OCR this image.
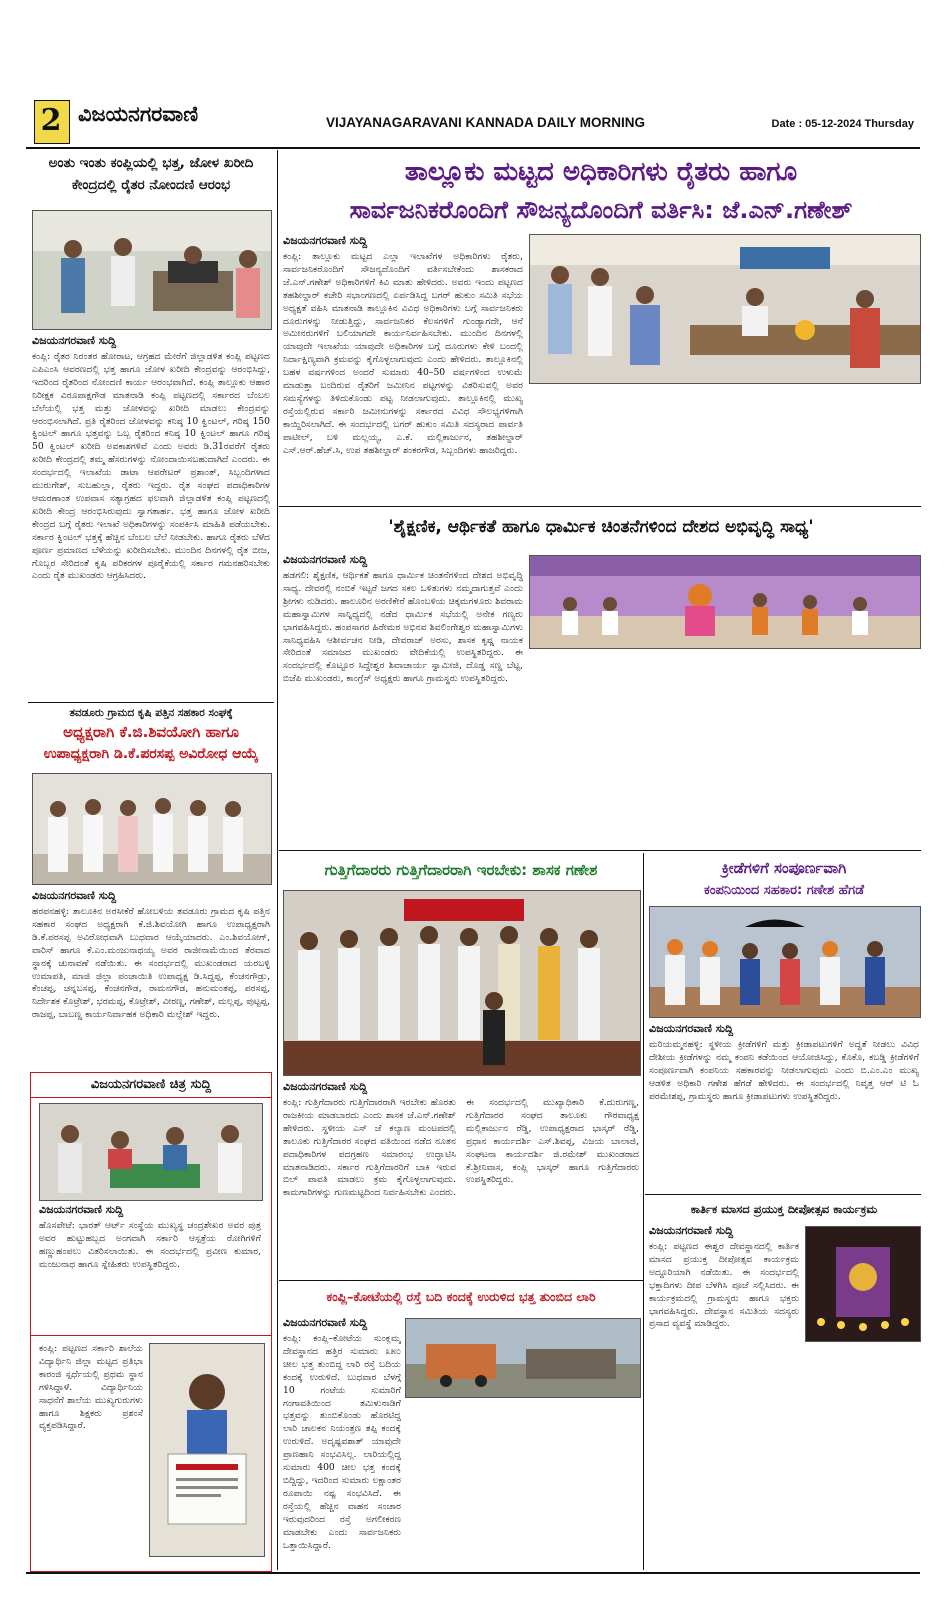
2 ವಿಜಯನಗರವಾಣಿ	VIJAYANAGARAVANI KANNADA DAILY MORNING	Date : 05-12-2024 Thursday
ಅಂತು ಇಂತು ಕಂಪ್ಲಿಯಲ್ಲಿ ಭತ್ತ, ಜೋಳ ಖರೀದಿ ಕೇಂದ್ರದಲ್ಲಿ ರೈತರ ನೋಂದಣಿ ಆರಂಭ

ವಿಜಯನಗರವಾಣಿ ಸುದ್ದಿ

ಕಂಪ್ಲಿ: ರೈತರ ನಿರಂತರ ಹೋರಾಟ, ಆಗ್ರಹದ ಮೇರೆಗೆ ಜಿಲ್ಲಾಡಳಿತ ಕಂಪ್ಲಿ ಪಟ್ಟಣದ ಎಪಿಎಂಸಿ ಆವರಣದಲ್ಲಿ ಭತ್ತ ಹಾಗೂ ಜೋಳ ಖರೀದಿ ಕೇಂದ್ರವನ್ನು ಆರಂಭಿಸಿದ್ದು, ಇದರಿಂದ ರೈತರಿಂದ ನೋಂದಣಿ ಕಾರ್ಯ ಆರಂಭವಾಗಿದೆ. ಕಂಪ್ಲಿ ತಾಲ್ಲೂಕು ಆಹಾರ ನಿರೀಕ್ಷಕ ವಿರೂಪಾಕ್ಷಗೌಡ ಮಾತನಾಡಿ ಕಂಪ್ಲಿ ಪಟ್ಟಣದಲ್ಲಿ ಸರ್ಕಾರದ ಬೆಂಬಲ ಬೆಲೆಯಲ್ಲಿ ಭತ್ತ ಮತ್ತು ಜೋಳವನ್ನು ಖರೀದಿ ಮಾಡಲು ಕೇಂದ್ರವನ್ನು ಆರಂಭಿಸಲಾಗಿದೆ. ಪ್ರತಿ ರೈತರಿಂದ ಜೋಳವನ್ನು ಕನಿಷ್ಠ 10 ಕ್ವಿಂಟಲ್, ಗರಿಷ್ಠ 150 ಕ್ವಿಂಟಲ್ ಹಾಗೂ ಭತ್ತವನ್ನು ಒಬ್ಬ ರೈತರಿಂದ ಕನಿಷ್ಠ 10 ಕ್ವಿಂಟಲ್ ಹಾಗೂ ಗರಿಷ್ಠ 50 ಕ್ವಿಂಟಲ್ ಖರೀದಿ ಅವಕಾಶಗಳಿವೆ ಎಂದು ಅವರು ಡಿ.31ರವರೆಗೆ ರೈತರು ಖರೀದಿ ಕೇಂದ್ರದಲ್ಲಿ ತಮ್ಮ ಹೆಸರುಗಳನ್ನು ನೋಂದಾಯಿಸಬಹುದಾಗಿದೆ ಎಂದರು. ಈ ಸಂದರ್ಭದಲ್ಲಿ ಇಲಾಖೆಯ ಡಾಟಾ ಆಪರೇಟರ್ ಪ್ರಶಾಂತ್, ಸಿಬ್ಬಂದಿಗಳಾದ ಮುರುಗೇಶ್, ಸುಬಹುಲ್ಲಾ, ರೈತರು ಇದ್ದರು. ರೈತ ಸಂಘದ ಪದಾಧಿಕಾರಿಗಳ ಆಮರಣಾಂತ ಉಪವಾಸ ಸತ್ಯಾಗ್ರಹದ ಫಲವಾಗಿ ಜಿಲ್ಲಾಡಳಿತ ಕಂಪ್ಲಿ ಪಟ್ಟಣದಲ್ಲಿ ಖರೀದಿ ಕೇಂದ್ರ ಆರಂಭಿಸಿರುವುದು ಸ್ವಾಗತಾರ್ಹ. ಭತ್ತ ಹಾಗೂ ಜೋಳ ಖರೀದಿ ಕೇಂದ್ರದ ಬಗ್ಗೆ ರೈತರು ಇಲಾಖೆ ಅಧಿಕಾರಿಗಳನ್ನು ಸಂಪರ್ಕಿಸಿ ಮಾಹಿತಿ ಪಡೆಯಬೇಕು. ಸರ್ಕಾರ ಕ್ವಿಂಟಲ್ ಭತ್ತಕ್ಕೆ ಹೆಚ್ಚಿನ ಬೆಂಬಲ ಬೆಲೆ ನೀಡಬೇಕು. ಹಾಗೂ ರೈತರು ಬೆಳೆದ ಪೂರ್ಣ ಪ್ರಮಾಣದ ಬೆಳೆಯನ್ನು ಖರೀದಿಸಬೇಕು. ಮುಂದಿನ ದಿನಗಳಲ್ಲಿ ರೈತ ಬೀಜ, ಗೊಬ್ಬರ ಸೇರಿದಂತೆ ಕೃಷಿ ಪರಿಕರಗಳ ಪೂರೈಕೆಯಲ್ಲಿ ಸರ್ಕಾರ ಗಮನಹರಿಸಬೇಕು ಎಂದು ರೈತ ಮುಖಂಡರು ಆಗ್ರಹಿಸಿದರು.

ತಾಲ್ಲೂಕು ಮಟ್ಟದ ಅಧಿಕಾರಿಗಳು ರೈತರು ಹಾಗೂ
ಸಾರ್ವಜನಿಕರೊಂದಿಗೆ ಸೌಜನ್ಯದೊಂದಿಗೆ ವರ್ತಿಸಿ: ಜೆ.ಎನ್.ಗಣೇಶ್

ವಿಜಯನಗರವಾಣಿ ಸುದ್ದಿ

ಕಂಪ್ಲಿ: ತಾಲ್ಲೂಕು ಮಟ್ಟದ ಎಲ್ಲಾ ಇಲಾಖೆಗಳ ಅಧಿಕಾರಿಗಳು ರೈತರು, ಸಾರ್ವಜನಿಕರೊಂದಿಗೆ ಸೌಜನ್ಯದೊಂದಿಗೆ ವರ್ತಿಸಬೇಕೆಂದು ಶಾಸಕರಾದ ಜೆ.ಎನ್.ಗಣೇಶ್ ಅಧಿಕಾರಿಗಳಿಗೆ ಕಿವಿ ಮಾತು ಹೇಳಿದರು. ಅವರು ಇಂದು ಪಟ್ಟಣದ ತಹಶೀಲ್ದಾರ್ ಕಚೇರಿ ಸಭಾಂಗಣದಲ್ಲಿ ಏರ್ಪಡಿಸಿದ್ದ ಬಗರ್ ಹುಕುಂ ಸಮಿತಿ ಸಭೆಯ ಅಧ್ಯಕ್ಷತೆ ವಹಿಸಿ ಮಾತನಾಡಿ ತಾಲ್ಲೂಕಿನ ವಿವಿಧ ಅಧಿಕಾರಿಗಳು ಬಗ್ಗೆ ಸಾರ್ವಜನಿಕರು ದೂರುಗಳನ್ನು ನೀಡುತ್ತಿದ್ದು, ಸಾರ್ವಜನಿಕರ ಕೆಲಸಗಳಿಗೆ ಗುಂಡ್ಯಾಗದೇ, ಆನೆ ಅಮೀನರುಗಳಿಗೆ ಬಲಿಯಾಗದೇ ಕಾರ್ಯನಿರ್ವಹಿಸಬೇಕು. ಮುಂದಿನ ದಿನಗಳಲ್ಲಿ ಯಾವುದೇ ಇಲಾಖೆಯ ಯಾವುದೇ ಅಧಿಕಾರಿಗಳ ಬಗ್ಗೆ ದೂರುಗಳು ಕೇಳಿ ಬಂದಲ್ಲಿ ನಿರ್ದಾಕ್ಷಿಣ್ಯವಾಗಿ ಕ್ರಮವನ್ನು ಕೈಗೊಳ್ಳಲಾಗುವುದು ಎಂದು ಹೇಳಿದರು. ತಾಲ್ಲೂಕಿನಲ್ಲಿ ಬಹಳ ವರ್ಷಗಳಿಂದ ಅಂದರೆ ಸುಮಾರು 40–50 ವರ್ಷಗಳಿಂದ ಉಳುಮೆ ಮಾಡುತ್ತಾ ಬಂದಿರುವ ರೈತರಿಗೆ ಜಮೀನಿನ ಪಟ್ಟಗಳನ್ನು ವಿತರಿಸುವಲ್ಲಿ ಅವರ ಸಮಸ್ಯೆಗಳನ್ನು ತಿಳಿದುಕೊಂಡು ಪಟ್ಟ ನೀಡಲಾಗುವುದು. ತಾಲ್ಲೂಕಿನಲ್ಲಿ ಮುಖ್ಯ ರಸ್ತೆಯಲ್ಲಿರುವ ಸರ್ಕಾರಿ ಜಮೀನುಗಳನ್ನು ಸರ್ಕಾರದ ವಿವಿಧ ಸೌಲಭ್ಯಗಳಿಗಾಗಿ ಕಾಯ್ದಿರಿಸಲಾಗಿದೆ. ಈ ಸಂದರ್ಭದಲ್ಲಿ ಬಗರ್ ಹುಕುಂ ಸಮಿತಿ ಸದಸ್ಯರಾದ ಪಾರ್ವತಿ ಪಾಟೀಲ್, ಬಳಿ ಮಲ್ಲಯ್ಯ, ಎ.ಕೆ. ಮಲ್ಲಿಕಾರ್ಜುನ, ತಹಶೀಲ್ದಾರ್ ಎಸ್.ಆರ್.ಹೆಚ್.ಸಿ, ಉಪ ತಹಶೀಲ್ದಾರ್ ಶಂಕರಗೌಡ, ಸಿಬ್ಬಂದಿಗಳು ಹಾಜರಿದ್ದರು.

'ಶೈಕ್ಷಣಿಕ, ಆರ್ಥಿಕತೆ ಹಾಗೂ ಧಾರ್ಮಿಕ ಚಿಂತನೆಗಳಿಂದ ದೇಶದ ಅಭಿವೃದ್ಧಿ ಸಾಧ್ಯ'

ವಿಜಯನಗರವಾಣಿ ಸುದ್ದಿ

ಹಡಗಲಿ: ಶೈಕ್ಷಣಿಕ, ಆರ್ಥಿಕತೆ ಹಾಗೂ ಧಾರ್ಮಿಕ ಚಿಂತನೆಗಳಿಂದ ದೇಶದ ಅಭಿವೃದ್ಧಿ ಸಾಧ್ಯ. ದೇವರಲ್ಲಿ ನಂಬಿಕೆ ಇಟ್ಟರೆ ಜಗದ ಸಕಲ ಒಳಿತುಗಳು ನಮ್ಮದಾಗುತ್ತವೆ ಎಂದು ಶ್ರೀಗಳು ನುಡಿದರು. ಹಾಲೂರಿನ ಅರಣಿಕೇರೆ ಹೊಂಬಳಿಯ ಚಿಕ್ಕಮಗಳೂರು ಶಿವರಾಮ ಮಹಾಸ್ವಾಮಿಗಳ ಸಾನ್ನಿಧ್ಯದಲ್ಲಿ ನಡೆದ ಧಾರ್ಮಿಕ ಸಭೆಯಲ್ಲಿ ಅನೇಕ ಗಣ್ಯರು ಭಾಗವಹಿಸಿದ್ದರು. ಹಂಪಸಾಗರ ಹಿರೇಮಠ ಅಭಿನವ ಶಿವಲಿಂಗೇಶ್ವರ ಮಹಾಸ್ವಾಮಿಗಳು ಸಾನಿಧ್ಯವಹಿಸಿ ಆಶೀರ್ವಚನ ನೀಡಿ, ದೇವರಾಜ್ ಅರಸು, ಶಾಸಕ ಕೃಷ್ಣ ನಾಯಕ ಸೇರಿದಂತೆ ಸಮಾಜದ ಮುಖಂಡರು ವೇದಿಕೆಯಲ್ಲಿ ಉಪಸ್ಥಿತರಿದ್ದರು. ಈ ಸಂದರ್ಭದಲ್ಲಿ ಕೊಟ್ಟೂರ ಸಿದ್ದೇಶ್ವರ ಶಿವಾಚಾರ್ಯ ಸ್ವಾಮೀಜಿ, ದೊಡ್ಡ ಸಣ್ಣ ಬೆಟ್ಟ, ಬಿಜೆಪಿ ಮುಖಂಡರು, ಕಾಂಗ್ರೆಸ್ ಅಧ್ಯಕ್ಷರು ಹಾಗೂ ಗ್ರಾಮಸ್ಥರು ಉಪಸ್ಥಿತರಿದ್ದರು.

ತವಡೂರು ಗ್ರಾಮದ ಕೃಷಿ ಪತ್ತಿನ ಸಹಕಾರ ಸಂಘಕ್ಕೆ
ಅಧ್ಯಕ್ಷರಾಗಿ ಕೆ.ಜಿ.ಶಿವಯೋಗಿ ಹಾಗೂ
ಉಪಾಧ್ಯಕ್ಷರಾಗಿ ಡಿ.ಕೆ.ಪರಸಪ್ಪ ಅವಿರೋಧ ಆಯ್ಕೆ

ವಿಜಯನಗರವಾಣಿ ಸುದ್ದಿ

ಹರಪನಹಳ್ಳಿ: ತಾಲೂಕಿನ ಅರಸೀಕೆರೆ ಹೋಬಳಿಯ ತವಡೂರು ಗ್ರಾಮದ ಕೃಷಿ ಪತ್ತಿನ ಸಹಕಾರ ಸಂಘದ ಅಧ್ಯಕ್ಷರಾಗಿ ಕೆ.ಜಿ.ಶಿವಯೋಗಿ ಹಾಗೂ ಉಪಾಧ್ಯಕ್ಷರಾಗಿ ಡಿ.ಕೆ.ಪರಸಪ್ಪ ಅವಿರೋಧವಾಗಿ ಬುಧವಾರ ಆಯ್ಕೆಯಾದರು. ಎಂ.ಶಿವಯೋಗ್, ವಾರಿಸ್ ಹಾಗೂ ಕೆ.ಎಂ.ಮಂಜುನಾಥಯ್ಯ ಅವರ ರಾಜೀನಾಮೆಯಿಂದ ತೆರವಾದ ಸ್ಥಾನಕ್ಕೆ ಚುನಾವಣೆ ನಡೆಯಿತು. ಈ ಸಂದರ್ಭದಲ್ಲಿ ಮುಖಂಡರಾದ ಯರಬಳ್ಳಿ ಉಮಾಪತಿ, ಮಾಜಿ ಜಿಲ್ಲಾ ಪಂಚಾಯಿತಿ ಉಪಾಧ್ಯಕ್ಷ ಡಿ.ಸಿದ್ದಪ್ಪ, ಕೆಂಚನಗೌಡ್ರು, ಕೆಂಚಪ್ಪ, ಚನ್ನಬಸಪ್ಪ, ಕೆಂಚನಗೌಡ, ರಾಮನಗೌಡ, ಹನುಮಂತಪ್ಪ, ಪರಸಪ್ಪ, ನಿರ್ದೇಶಕ ಕೊಟ್ರೇಶ್, ಭರಮಪ್ಪ, ಕೊಟ್ರೇಶ್, ವೀರಣ್ಣ, ಗಣೇಶ್, ಮಲ್ಲಪ್ಪ, ಪುಟ್ಟಪ್ಪ, ರಾಜಪ್ಪ, ಬಾಬಣ್ಣ ಕಾರ್ಯನಿರ್ವಾಹಕ ಅಧಿಕಾರಿ ಮಲ್ಲೇಶ್ ಇದ್ದರು.

ವಿಜಯನಗರವಾಣಿ ಚಿತ್ರ ಸುದ್ದಿ

ವಿಜಯನಗರವಾಣಿ ಸುದ್ದಿ

ಹೊಸಪೇಟೆ: ಭಾರತ್ ಆರ್ಟ್ ಸಂಸ್ಥೆಯ ಮುಖ್ಯಸ್ಥ ಚಂದ್ರಶೇಖರ ಅವರ ಪುತ್ರ ಅವರ ಹುಟ್ಟುಹಬ್ಬದ ಅಂಗವಾಗಿ ಸರ್ಕಾರಿ ಆಸ್ಪತ್ರೆಯ ರೋಗಿಗಳಿಗೆ ಹಣ್ಣುಹಂಪಲು ವಿತರಿಸಲಾಯಿತು. ಈ ಸಂದರ್ಭದಲ್ಲಿ ಪ್ರವೀಣ ಕುಮಾರ, ಮಂಜುನಾಥ ಹಾಗೂ ಸ್ನೇಹಿತರು ಉಪಸ್ಥಿತರಿದ್ದರು.

ಕಂಪ್ಲಿ: ಪಟ್ಟಣದ ಸರ್ಕಾರಿ ಶಾಲೆಯ ವಿದ್ಯಾರ್ಥಿನಿ ಜಿಲ್ಲಾ ಮಟ್ಟದ ಪ್ರತಿಭಾ ಕಾರಂಜಿ ಸ್ಪರ್ಧೆಯಲ್ಲಿ ಪ್ರಥಮ ಸ್ಥಾನ ಗಳಿಸಿದ್ದಾಳೆ. ವಿದ್ಯಾರ್ಥಿನಿಯ ಸಾಧನೆಗೆ ಶಾಲೆಯ ಮುಖ್ಯಗುರುಗಳು ಹಾಗೂ ಶಿಕ್ಷಕರು ಪ್ರಶಂಸೆ ವ್ಯಕ್ತಪಡಿಸಿದ್ದಾರೆ.

ಗುತ್ತಿಗೆದಾರರು ಗುತ್ತಿಗೆದಾರರಾಗಿ ಇರಬೇಕು: ಶಾಸಕ ಗಣೇಶ

ವಿಜಯನಗರವಾಣಿ ಸುದ್ದಿ

ಕಂಪ್ಲಿ: ಗುತ್ತಿಗೆದಾರರು ಗುತ್ತಿಗೆದಾರರಾಗಿ ಇರಬೇಕು ಹೊರತು ರಾಜಕೀಯ ಮಾಡಬಾರದು ಎಂದು ಶಾಸಕ ಜೆ.ಎನ್.ಗಣೇಶ್ ಹೇಳಿದರು. ಸ್ಥಳೀಯ ಎಸ್ ಜೆ ಕಲ್ಯಾಣ ಮಂಟಪದಲ್ಲಿ ತಾಲೂಕು ಗುತ್ತಿಗೆದಾರರ ಸಂಘದ ವತಿಯಿಂದ ನಡೆದ ನೂತನ ಪದಾಧಿಕಾರಿಗಳ ಪದಗ್ರಹಣ ಸಮಾರಂಭ ಉದ್ಘಾಟಿಸಿ ಮಾತನಾಡಿದರು. ಸರ್ಕಾರ ಗುತ್ತಿಗೆದಾರರಿಗೆ ಬಾಕಿ ಇರುವ ಬಿಲ್ ಪಾವತಿ ಮಾಡಲು ಕ್ರಮ ಕೈಗೊಳ್ಳಲಾಗುವುದು. ಕಾಮಗಾರಿಗಳನ್ನು ಗುಣಮಟ್ಟದಿಂದ ನಿರ್ವಹಿಸಬೇಕು ಎಂದರು. ಈ ಸಂದರ್ಭದಲ್ಲಿ ಮುಖ್ಯಾಧಿಕಾರಿ ಕೆ.ದುರುಗಣ್ಣ, ಗುತ್ತಿಗೆದಾರರ ಸಂಘದ ತಾಲೂಕು ಗೌರವಾಧ್ಯಕ್ಷ ಮಲ್ಲಿಕಾರ್ಜುನ ರೆಡ್ಡಿ, ಉಪಾಧ್ಯಕ್ಷರಾದ ಭಾಸ್ಕರ್ ರೆಡ್ಡಿ, ಪ್ರಧಾನ ಕಾರ್ಯದರ್ಶಿ ಎಸ್.ಶಿವಪ್ಪ, ವಿಜಯ ಬಾಲಾಜಿ, ಸಂಘಟನಾ ಕಾರ್ಯದರ್ಶಿ ಜಿ.ರಮೇಶ್ ಮುಖಂಡರಾದ ಕೆ.ಶ್ರೀನಿವಾಸ, ಕಂಪ್ಲಿ ಭಾಸ್ಕರ್ ಹಾಗೂ ಗುತ್ತಿಗೆದಾರರು ಉಪಸ್ಥಿತರಿದ್ದರು.

ಕಂಪ್ಲಿ–ಕೋಟೆಯಲ್ಲಿ ರಸ್ತೆ ಬದಿ ಕಂದಕ್ಕೆ ಉರುಳಿದ ಭತ್ತ ತುಂಬಿದ ಲಾರಿ

ವಿಜಯನಗರವಾಣಿ ಸುದ್ದಿ

ಕಂಪ್ಲಿ: ಕಂಪ್ಲಿ–ಕೋಟೆಯ ಸುಂಕ್ಲಮ್ಮ ದೇವಸ್ಥಾನದ ಹತ್ತಿರ ಸುಮಾರು ೩೫೦ ಚೀಲ ಭತ್ತ ತುಂಬಿದ್ದ ಲಾರಿ ರಸ್ತೆ ಬದಿಯ ಕಂದಕ್ಕೆ ಉರುಳಿದೆ. ಬುಧವಾರ ಬೆಳಗ್ಗೆ 10 ಗಂಟೆಯ ಸುಮಾರಿಗೆ ಗಂಗಾವತಿಯಿಂದ ತಮಿಳುನಾಡಿಗೆ ಭತ್ತವನ್ನು ತುಂಬಿಕೊಂಡು ಹೊರಟಿದ್ದ ಲಾರಿ ಚಾಲಕನ ನಿಯಂತ್ರಣ ತಪ್ಪಿ ಕಂದಕ್ಕೆ ಉರುಳಿದೆ. ಅದೃಷ್ಟವಶಾತ್ ಯಾವುದೇ ಪ್ರಾಣಹಾನಿ ಸಂಭವಿಸಿಲ್ಲ. ಲಾರಿಯಲ್ಲಿದ್ದ ಸುಮಾರು 400 ಚೀಲ ಭತ್ತ ಕಂದಕ್ಕೆ ಬಿದ್ದಿದ್ದು, ಇದರಿಂದ ಸುಮಾರು ಲಕ್ಷಾಂತರ ರೂಪಾಯಿ ನಷ್ಟ ಸಂಭವಿಸಿದೆ. ಈ ರಸ್ತೆಯಲ್ಲಿ ಹೆಚ್ಚಿನ ವಾಹನ ಸಂಚಾರ ಇರುವುದರಿಂದ ರಸ್ತೆ ಅಗಲೀಕರಣ ಮಾಡಬೇಕು ಎಂದು ಸಾರ್ವಜನಿಕರು ಒತ್ತಾಯಿಸಿದ್ದಾರೆ.

ಕ್ರೀಡೆಗಳಿಗೆ ಸಂಪೂರ್ಣವಾಗಿ
ಕಂಪನಿಯಿಂದ ಸಹಕಾರ: ಗಣೇಶ ಹೆಗಡೆ

ವಿಜಯನಗರವಾಣಿ ಸುದ್ದಿ

ಮರಿಯಮ್ಮನಹಳ್ಳಿ: ಸ್ಥಳೀಯ ಕ್ರೀಡೆಗಳಿಗೆ ಮತ್ತು ಕ್ರೀಡಾಪಟುಗಳಿಗೆ ಅದ್ಧತೆ ನೀಡಲು ವಿವಿಧ ದೇಶೀಯ ಕ್ರೀಡೆಗಳನ್ನು ನಮ್ಮ ಕಂಪನಿ ಕಡೆಯಿಂದ ಆಯೋಜಿಸಿದ್ದು, ಕೊಕೊ, ಕಬಡ್ಡಿ ಕ್ರೀಡೆಗಳಿಗೆ ಸಂಪೂರ್ಣವಾಗಿ ಕಂಪನಿಯ ಸಹಕಾರವನ್ನು ನೀಡಲಾಗುವುದು ಎಂದು ಬಿ.ಎಂ.ಎಂ ಮುಖ್ಯ ಆಡಳಿತ ಅಧಿಕಾರಿ ಗಣೇಶ ಹೆಗಡೆ ಹೇಳಿದರು. ಈ ಸಂದರ್ಭದಲ್ಲಿ ನಿವೃತ್ತ ಆರ್ ಟಿ ಓ ಪರಮೇಶಪ್ಪ, ಗ್ರಾಮಸ್ಥರು ಹಾಗೂ ಕ್ರೀಡಾಪಟುಗಳು ಉಪಸ್ಥಿತರಿದ್ದರು.

ಕಾರ್ತಿಕ ಮಾಸದ ಪ್ರಯುಕ್ತ ದೀಪೋತ್ಸವ ಕಾರ್ಯಕ್ರಮ

ವಿಜಯನಗರವಾಣಿ ಸುದ್ದಿ

ಕಂಪ್ಲಿ: ಪಟ್ಟಣದ ಈಶ್ವರ ದೇವಸ್ಥಾನದಲ್ಲಿ ಕಾರ್ತಿಕ ಮಾಸದ ಪ್ರಯುಕ್ತ ದೀಪೋತ್ಸವ ಕಾರ್ಯಕ್ರಮ ಅದ್ದೂರಿಯಾಗಿ ನಡೆಯಿತು. ಈ ಸಂದರ್ಭದಲ್ಲಿ ಭಕ್ತಾದಿಗಳು ದೀಪ ಬೆಳಗಿಸಿ ಪೂಜೆ ಸಲ್ಲಿಸಿದರು. ಈ ಕಾರ್ಯಕ್ರಮದಲ್ಲಿ ಗ್ರಾಮಸ್ಥರು ಹಾಗೂ ಭಕ್ತರು ಭಾಗವಹಿಸಿದ್ದರು. ದೇವಸ್ಥಾನ ಸಮಿತಿಯ ಸದಸ್ಯರು ಪ್ರಸಾದ ವ್ಯವಸ್ಥೆ ಮಾಡಿದ್ದರು.
